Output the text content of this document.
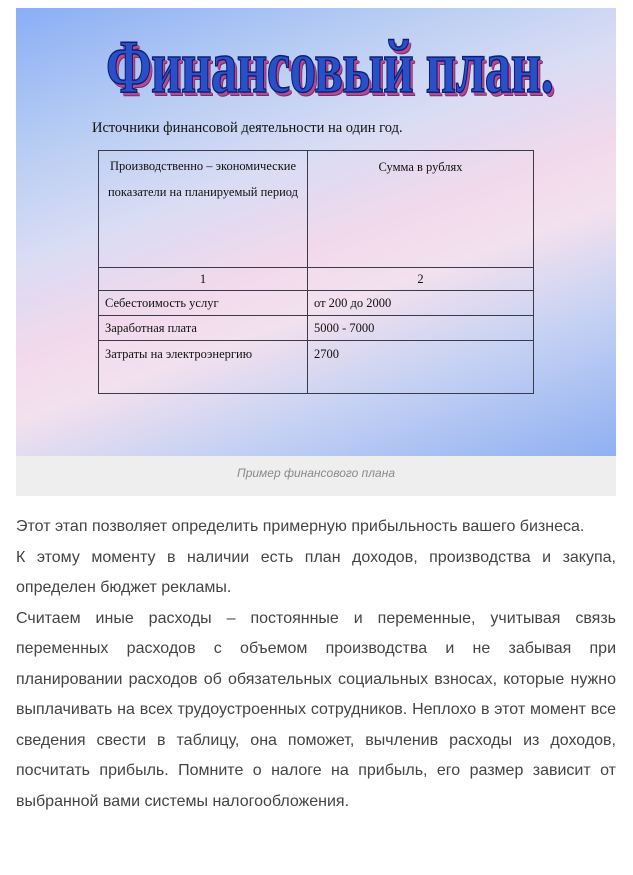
Финансовый план.
Источники финансовой деятельности на один год.
Производственно – экономические показатели на планируемый период	Сумма в рублях
1	2
Себестоимость услуг	от 200 до 2000
Заработная плата	5000 - 7000
Затраты на электроэнергию	2700
Пример финансового плана

Этот этап позволяет определить примерную прибыльность вашего бизнеса.

К этому моменту в наличии есть план доходов, производства и закупа, определен бюджет рекламы.

Считаем иные расходы – постоянные и переменные, учитывая связь переменных расходов с объемом производства и не забывая при планировании расходов об обязательных социальных взносах, которые нужно выплачивать на всех трудоустроенных сотрудников. Неплохо в этот момент все сведения свести в таблицу, она поможет, вычленив расходы из доходов, посчитать прибыль. Помните о налоге на прибыль, его размер зависит от выбранной вами системы налогообложения.
